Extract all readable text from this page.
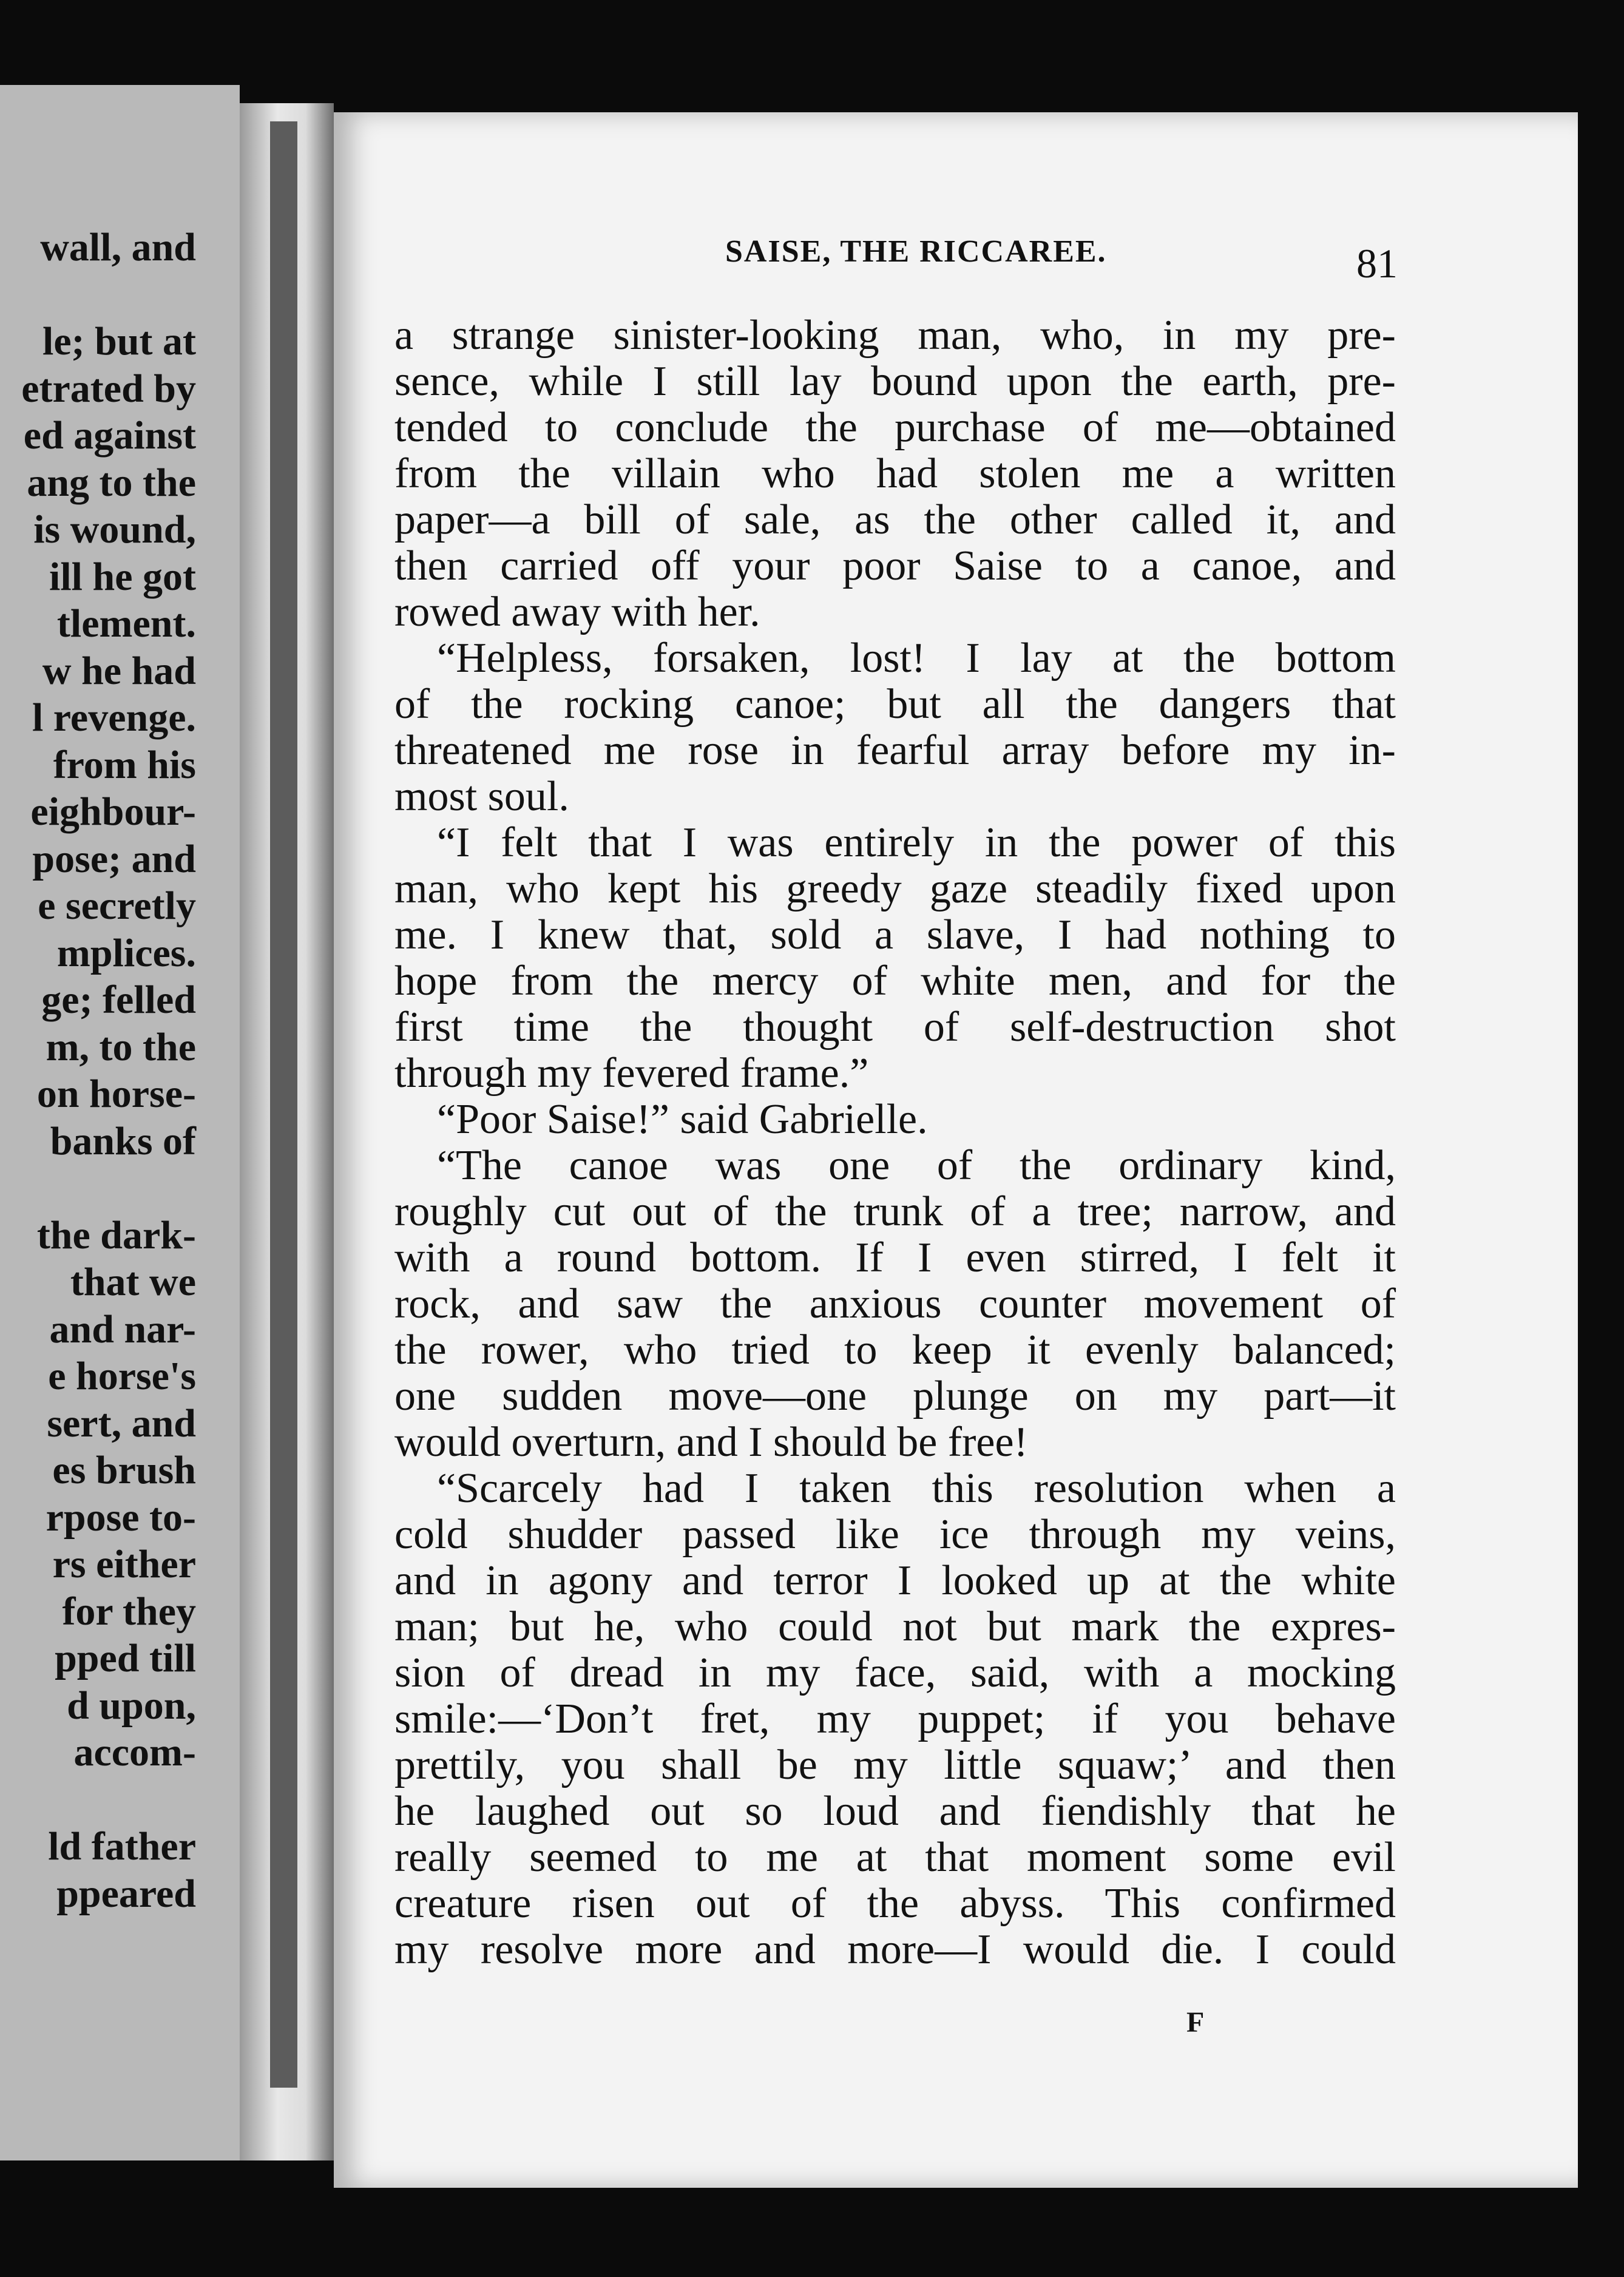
wall, and
le; but at
etrated by
ed against
ang to the
is wound,
ill he got
tlement.
w he had
l revenge.
from his
eighbour-
pose; and
e secretly
mplices.
ge; felled
m, to the
on horse-
banks of
the dark-
that we
and nar-
e horse's
sert, and
es brush
rpose to-
rs either
for they
pped till
d upon,
accom-
ld father
ppeared
SAISE, THE RICCAREE.	81
a strange sinister-looking man, who, in my pre-
sence, while I still lay bound upon the earth, pre-
tended to conclude the purchase of me—obtained
from the villain who had stolen me a written
paper—a bill of sale, as the other called it, and
then carried off your poor Saise to a canoe, and
rowed away with her.
“Helpless, forsaken, lost! I lay at the bottom
of the rocking canoe; but all the dangers that
threatened me rose in fearful array before my in-
most soul.
“I felt that I was entirely in the power of this
man, who kept his greedy gaze steadily fixed upon
me. I knew that, sold a slave, I had nothing to
hope from the mercy of white men, and for the
first time the thought of self-destruction shot
through my fevered frame.”
“Poor Saise!” said Gabrielle.
“The canoe was one of the ordinary kind,
roughly cut out of the trunk of a tree; narrow, and
with a round bottom. If I even stirred, I felt it
rock, and saw the anxious counter movement of
the rower, who tried to keep it evenly balanced;
one sudden move—one plunge on my part—it
would overturn, and I should be free!
“Scarcely had I taken this resolution when a
cold shudder passed like ice through my veins,
and in agony and terror I looked up at the white
man; but he, who could not but mark the expres-
sion of dread in my face, said, with a mocking
smile:—‘Don’t fret, my puppet; if you behave
prettily, you shall be my little squaw;’ and then
he laughed out so loud and fiendishly that he
really seemed to me at that moment some evil
creature risen out of the abyss. This confirmed
my resolve more and more—I would die. I could
F
